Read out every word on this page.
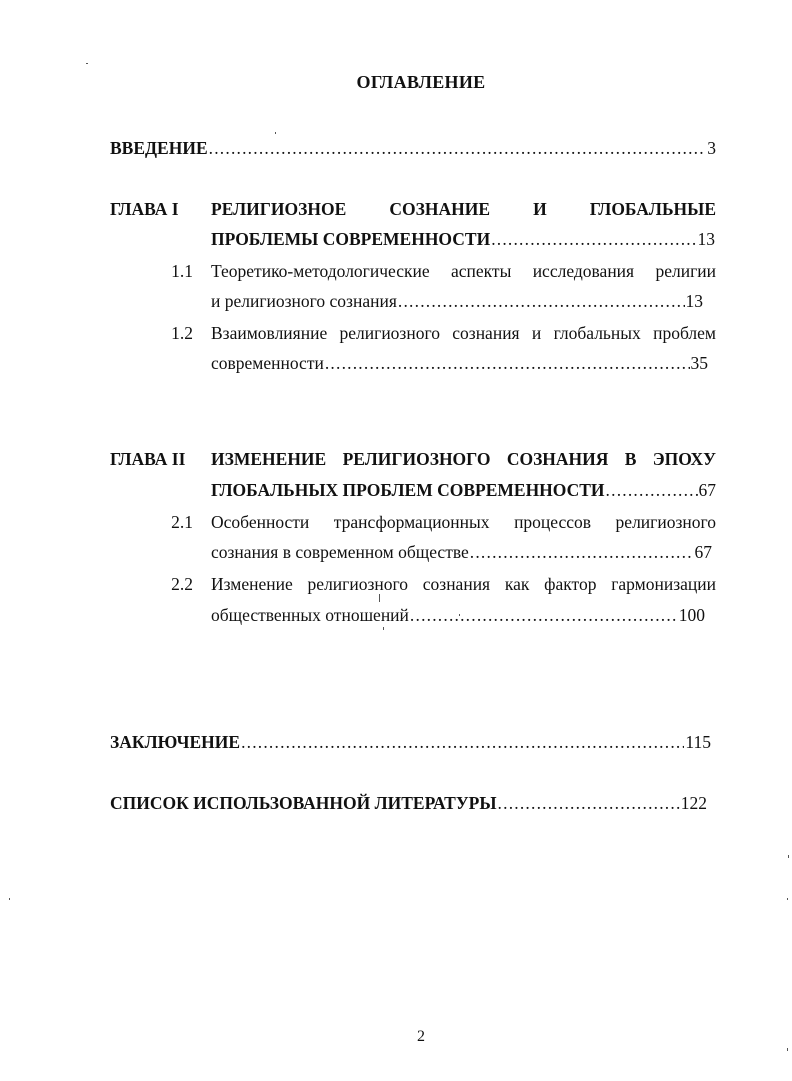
ОГЛАВЛЕНИЕ
ВВЕДЕНИЕ .....	3
ГЛАВА I РЕЛИГИОЗНОЕ СОЗНАНИЕ И ГЛОБАЛЬНЫЕ
ПРОБЛЕМЫ СОВРЕМЕННОСТИ .....	13
1.1 Теоретико-методологические аспекты исследования религии
и религиозного сознания .....	13
1.2 Взаимовлияние религиозного сознания и глобальных проблем
современности .....	35
ГЛАВА II ИЗМЕНЕНИЕ РЕЛИГИОЗНОГО СОЗНАНИЯ В ЭПОХУ
ГЛОБАЛЬНЫХ ПРОБЛЕМ СОВРЕМЕННОСТИ .....	67
2.1 Особенности трансформационных процессов религиозного
сознания в современном обществе .....	67
2.2 Изменение религиозного сознания как фактор гармонизации
общественных отношений .....	100
ЗАКЛЮЧЕНИЕ .....	115
СПИСОК ИСПОЛЬЗОВАННОЙ ЛИТЕРАТУРЫ .....	122
2
